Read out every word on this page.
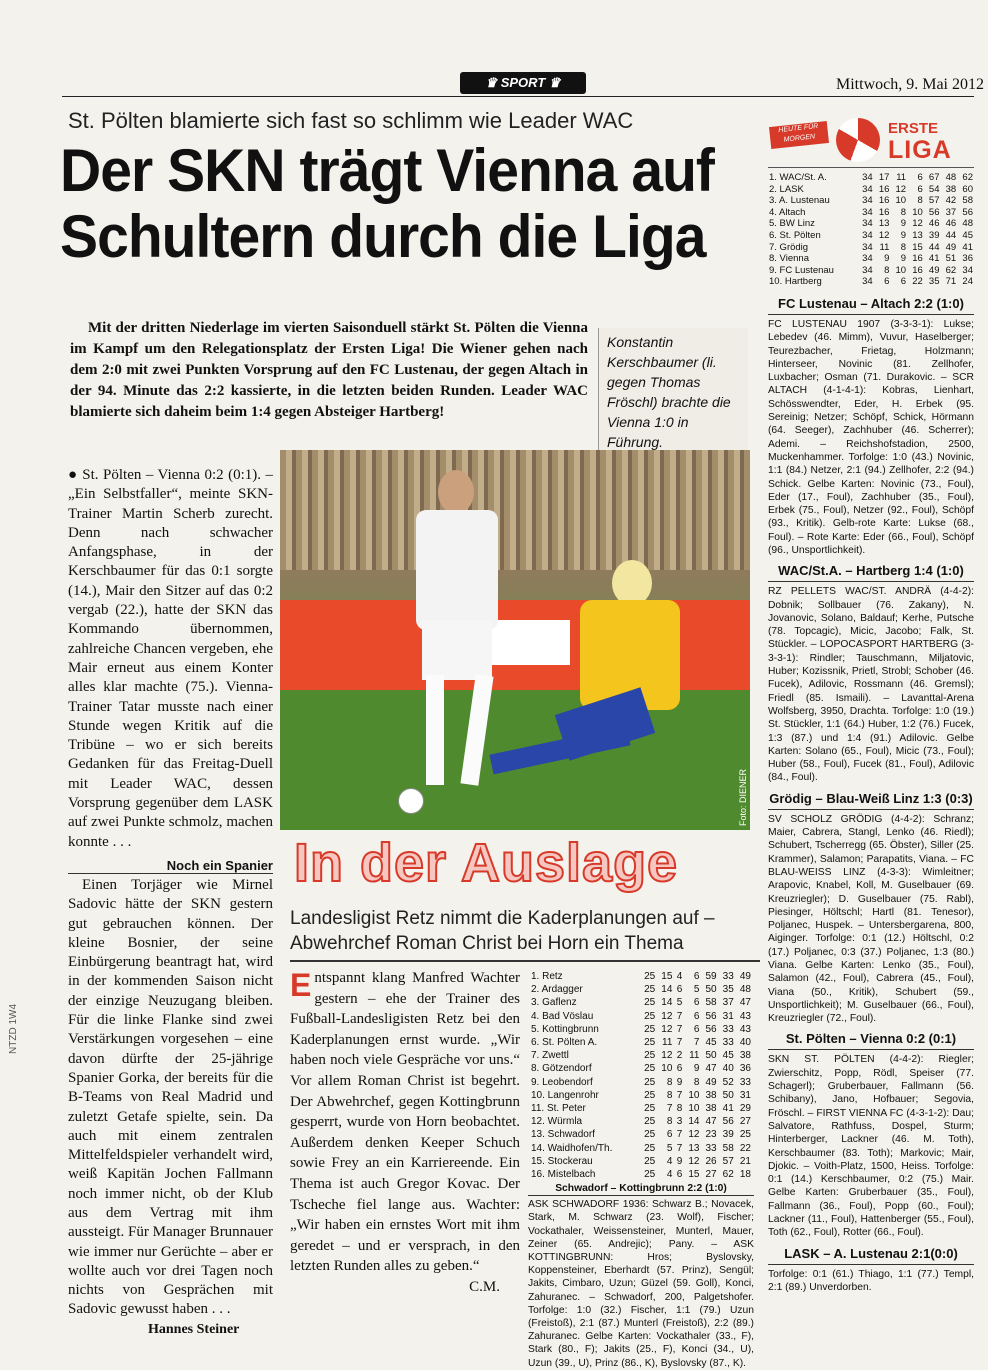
♛ SPORT ♛	Mittwoch, 9. Mai 2012
St. Pölten blamierte sich fast so schlimm wie Leader WAC
Der SKN trägt Vienna auf Schultern durch die Liga
Mit der dritten Niederlage im vierten Saisonduell stärkt St. Pölten die Vienna im Kampf um den Relegationsplatz der Ersten Liga! Die Wiener gehen nach dem 2:0 mit zwei Punkten Vorsprung auf den FC Lustenau, der gegen Altach in der 94. Minute das 2:2 kassierte, in die letzten beiden Runden. Leader WAC blamierte sich daheim beim 1:4 gegen Absteiger Hartberg!
Konstantin Kerschbaumer (li. gegen Thomas Fröschl) brachte die Vienna 1:0 in Führung.

● St. Pölten – Vienna 0:2 (0:1). – „Ein Selbstfaller“, meinte SKN-Trainer Martin Scherb zurecht. Denn nach schwacher Anfangsphase, in der Kerschbaumer für das 0:1 sorgte (14.), Mair den Sitzer auf das 0:2 vergab (22.), hatte der SKN das Kommando übernommen, zahlreiche Chancen vergeben, ehe Mair erneut aus einem Konter alles klar machte (75.). Vienna-Trainer Tatar musste nach einer Stunde wegen Kritik auf die Tribüne – wo er sich bereits Gedanken für das Freitag-Duell mit Leader WAC, dessen Vorsprung gegenüber dem LASK auf zwei Punkte schmolz, machen konnte . . .

Noch ein Spanier

Einen Torjäger wie Mirnel Sadovic hätte der SKN gestern gut gebrauchen können. Der kleine Bosnier, der seine Einbürgerung beantragt hat, wird in der kommenden Saison nicht der einzige Neuzugang bleiben. Für die linke Flanke sind zwei Verstärkungen vorgesehen – eine davon dürfte der 25-jährige Spanier Gorka, der bereits für die B-Teams von Real Madrid und zuletzt Getafe spielte, sein. Da auch mit einem zentralen Mittelfeldspieler verhandelt wird, weiß Kapitän Jochen Fallmann noch immer nicht, ob der Klub aus dem Vertrag mit ihm aussteigt. Für Manager Brunnauer wie immer nur Gerüchte – aber er wollte auch vor drei Tagen noch nichts von Gesprächen mit Sadovic gewusst haben . . .

Hannes Steiner
Foto: DIENER
In der Auslage
Landesligist Retz nimmt die Kaderplanungen auf – Abwehrchef Roman Christ bei Horn ein Thema
Entspannt klang Manfred Wachter gestern – ehe der Trainer des Fußball-Landesligisten Retz bei den Kaderplanungen ernst wurde. „Wir haben noch viele Gespräche vor uns.“ Vor allem Roman Christ ist begehrt. Der Abwehrchef, gegen Kottingbrunn gesperrt, wurde von Horn beobachtet. Außerdem denken Keeper Schuch sowie Frey an ein Karriereende. Ein Thema ist auch Gregor Kovac. Der Tscheche fiel lange aus. Wachter: „Wir haben ein ernstes Wort mit ihm geredet – und er versprach, in den letzten Runden alles zu geben.“
C.M.
1. Retz	25	15	4	6	59	33	49
2. Ardagger	25	14	6	5	50	35	48
3. Gaflenz	25	14	5	6	58	37	47
4. Bad Vöslau	25	12	7	6	56	31	43
5. Kottingbrunn	25	12	7	6	56	33	43
6. St. Pölten A.	25	11	7	7	45	33	40
7. Zwettl	25	12	2	11	50	45	38
8. Götzendorf	25	10	6	9	47	40	36
9. Leobendorf	25	8	9	8	49	52	33
10. Langenrohr	25	8	7	10	38	50	31
11. St. Peter	25	7	8	10	38	41	29
12. Würmla	25	8	3	14	47	56	27
13. Schwadorf	25	6	7	12	23	39	25
14. Waidhofen/Th.	25	5	7	13	33	58	22
15. Stockerau	25	4	9	12	26	57	21
16. Mistelbach	25	4	6	15	27	62	18
Schwadorf – Kottingbrunn 2:2 (1:0)
ASK SCHWADORF 1936: Schwarz B.; Novacek, Stark, M. Schwarz (23. Wolf), Fischer; Vockathaler, Weissensteiner, Munterl, Mauer, Zeiner (65. Andrejic); Pany. – ASK KOTTINGBRUNN: Hros; Byslovsky, Koppensteiner, Eberhardt (57. Prinz), Sengül; Jakits, Cimbaro, Uzun; Güzel (59. Goll), Konci, Zahuranec. – Schwadorf, 200, Palgetshofer. Torfolge: 1:0 (32.) Fischer, 1:1 (79.) Uzun (Freistoß), 2:1 (87.) Munterl (Freistoß), 2:2 (89.) Zahuranec. Gelbe Karten: Vockathaler (33., F), Stark (80., F); Jakits (25., F), Konci (34., U), Uzun (39., U), Prinz (86., K), Byslovsky (87., K).
HEUTE FÜR MORGEN
ERSTE
LIGA
1. WAC/St. A.	34	17	11	6	67	48	62
2. LASK	34	16	12	6	54	38	60
3. A. Lustenau	34	16	10	8	57	42	58
4. Altach	34	16	8	10	56	37	56
5. BW Linz	34	13	9	12	46	46	48
6. St. Pölten	34	12	9	13	39	44	45
7. Grödig	34	11	8	15	44	49	41
8. Vienna	34	9	9	16	41	51	36
9. FC Lustenau	34	8	10	16	49	62	34
10. Hartberg	34	6	6	22	35	71	24
FC Lustenau – Altach 2:2 (1:0)
FC LUSTENAU 1907 (3-3-3-1): Lukse; Lebedev (46. Mimm), Vuvur, Haselberger; Teurezbacher, Frietag, Holzmann; Hinterseer, Novinic (81. Zellhofer, Luxbacher; Osman (71. Durakovic. – SCR ALTACH (4-1-4-1): Kobras, Lienhart, Schösswendter, Eder, H. Erbek (95. Sereinig; Netzer; Schöpf, Schick, Hörmann (64. Seeger), Zachhuber (46. Scherrer); Ademi. – Reichshofstadion, 2500, Muckenhammer. Torfolge: 1:0 (43.) Novinic, 1:1 (84.) Netzer, 2:1 (94.) Zellhofer, 2:2 (94.) Schick. Gelbe Karten: Novinic (73., Foul), Eder (17., Foul), Zachhuber (35., Foul), Erbek (75., Foul), Netzer (92., Foul), Schöpf (93., Kritik). Gelb-rote Karte: Lukse (68., Foul). – Rote Karte: Eder (66., Foul), Schöpf (96., Unsportlichkeit).
WAC/St.A. – Hartberg 1:4 (1:0)
RZ PELLETS WAC/ST. ANDRÄ (4-4-2): Dobnik; Sollbauer (76. Zakany), N. Jovanovic, Solano, Baldauf; Kerhe, Putsche (78. Topcagic), Micic, Jacobo; Falk, St. Stückler. – LOPOCASPORT HARTBERG (3-3-3-1): Rindler; Tauschmann, Miljatovic, Huber; Kozissnik, Prietl, Strobl; Schober (46. Fucek), Adilovic, Rossmann (46. Gremsl); Friedl (85. Ismaili). – Lavanttal-Arena Wolfsberg, 3950, Drachta. Torfolge: 1:0 (19.) St. Stückler, 1:1 (64.) Huber, 1:2 (76.) Fucek, 1:3 (87.) und 1:4 (91.) Adilovic. Gelbe Karten: Solano (65., Foul), Micic (73., Foul); Huber (58., Foul), Fucek (81., Foul), Adilovic (84., Foul).
Grödig – Blau-Weiß Linz 1:3 (0:3)
SV SCHOLZ GRÖDIG (4-4-2): Schranz; Maier, Cabrera, Stangl, Lenko (46. Riedl); Schubert, Tscherregg (65. Öbster), Siller (25. Krammer), Salamon; Parapatits, Viana. – FC BLAU-WEISS LINZ (4-3-3): Wimleitner; Arapovic, Knabel, Koll, M. Guselbauer (69. Kreuzriegler); D. Guselbauer (75. Rabl), Piesinger, Höltschl; Hartl (81. Tenesor), Poljanec, Huspek. – Untersbergarena, 800, Aiginger. Torfolge: 0:1 (12.) Höltschl, 0:2 (17.) Poljanec, 0:3 (37.) Poljanec, 1:3 (80.) Viana. Gelbe Karten: Lenko (35., Foul), Salamon (42., Foul), Cabrera (45., Foul), Viana (50., Kritik), Schubert (59., Unsportlichkeit); M. Guselbauer (66., Foul), Kreuzriegler (72., Foul).
St. Pölten – Vienna 0:2 (0:1)
SKN ST. PÖLTEN (4-4-2): Riegler; Zwierschitz, Popp, Rödl, Speiser (77. Schagerl); Gruberbauer, Fallmann (56. Schibany), Jano, Hofbauer; Segovia, Fröschl. – FIRST VIENNA FC (4-3-1-2): Dau; Salvatore, Rathfuss, Dospel, Sturm; Hinterberger, Lackner (46. M. Toth), Kerschbaumer (83. Toth); Markovic; Mair, Djokic. – Voith-Platz, 1500, Heiss. Torfolge: 0:1 (14.) Kerschbaumer, 0:2 (75.) Mair. Gelbe Karten: Gruberbauer (35., Foul), Fallmann (36., Foul), Popp (60., Foul); Lackner (11., Foul), Hattenberger (55., Foul), Toth (62., Foul), Rotter (66., Foul).
LASK – A. Lustenau 2:1(0:0)
Torfolge: 0:1 (61.) Thiago, 1:1 (77.) Templ, 2:1 (89.) Unverdorben.
NTZD 1W4
